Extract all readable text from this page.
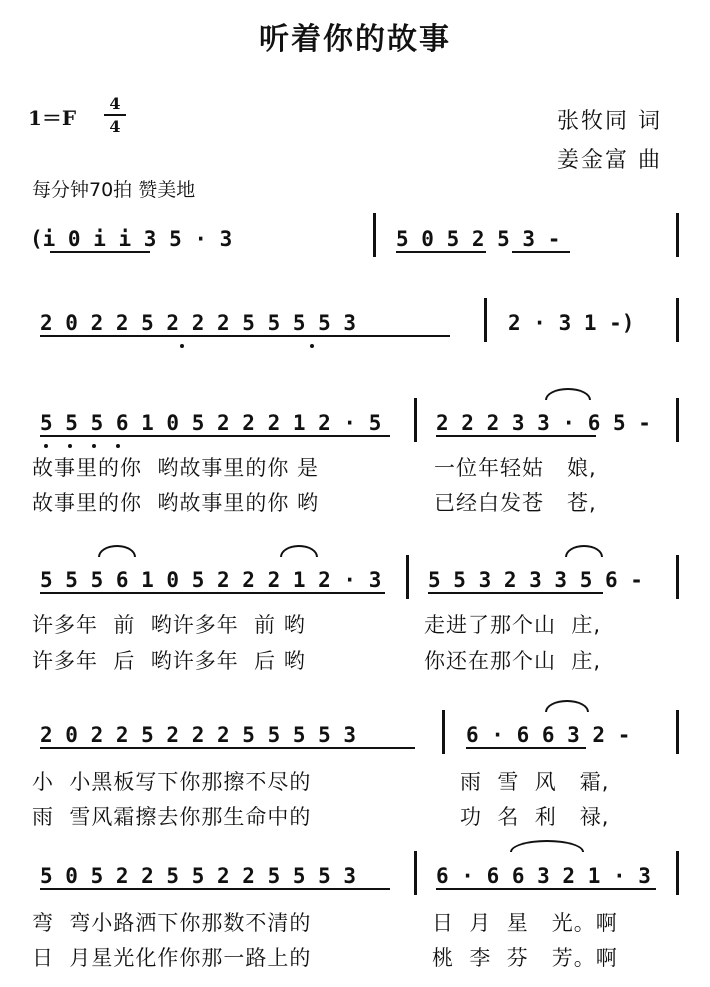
听着你的故事
1＝F
4
4	张牧同 词
姜金富 曲
每分钟70拍 赞美地
(i 0 i i 3 5 · 3	5 0 5 2 5 3 -
2 0 2 2 5 2 2 2 5 5 5 5 3	2 · 3 1 -)
5 5 5 6 1 0 5 2 2 2 1 2 · 5	2 2 2 3 3 · 6 5 -
故事里的你  哟故事里的你 是	一位年轻姑   娘,
故事里的你  哟故事里的你 哟	已经白发苍   苍,
5 5 5 6 1 0 5 2 2 2 1 2 · 3 5 5 3 2 3 3 5 6 -
许多年  前  哟许多年  前 哟	走进了那个山  庄,
许多年  后  哟许多年  后 哟	你还在那个山  庄,
2 0 2 2 5 2 2 2 5 5 5 5 3	6 · 6 6 3 2 -
小  小黑板写下你那擦不尽的	雨  雪  风   霜,
雨  雪风霜擦去你那生命中的	功  名  利   禄,
5 0 5 2 2 5 5 2 2 5 5 5 3	6 · 6 6 3 2 1 · 3
弯  弯小路洒下你那数不清的	日  月  星   光。啊
日  月星光化作你那一路上的	桃  李  芬   芳。啊
